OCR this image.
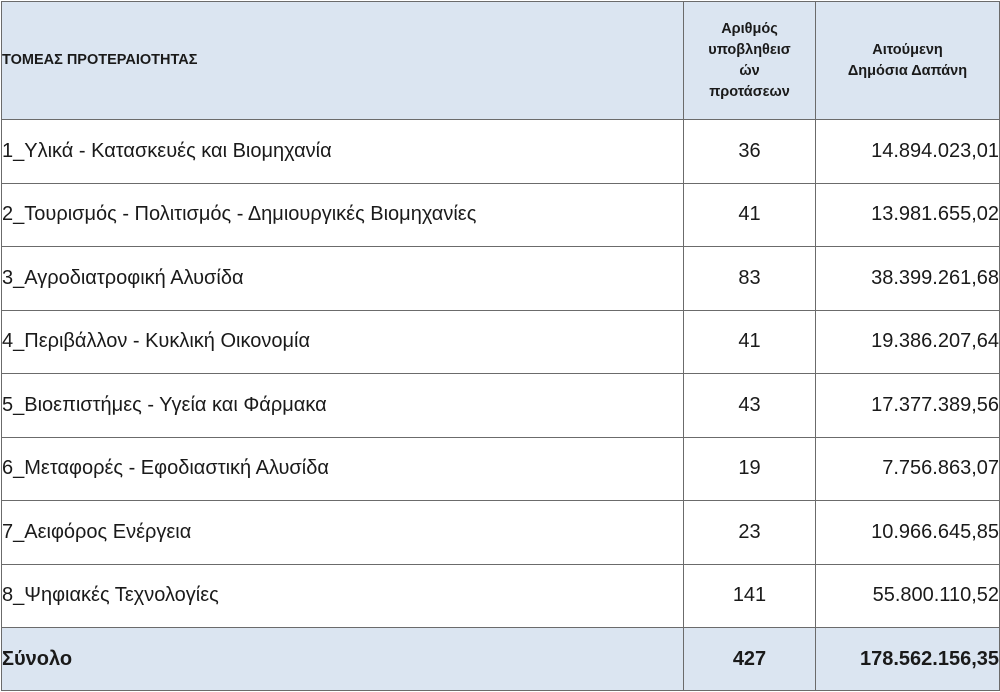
ΤΟΜΕΑΣ ΠΡΟΤΕΡΑΙΟΤΗΤΑΣ	Αριθμός
υποβληθεισ
ών
προτάσεων	Αιτούμενη
Δημόσια Δαπάνη

1_Υλικά - Κατασκευές και Βιομηχανία	36	14.894.023,01
2_Τουρισμός - Πολιτισμός - Δημιουργικές Βιομηχανίες	41	13.981.655,02
3_Αγροδιατροφική Αλυσίδα	83	38.399.261,68
4_Περιβάλλον - Κυκλική Οικονομία	41	19.386.207,64
5_Βιοεπιστήμες - Υγεία και Φάρμακα	43	17.377.389,56
6_Μεταφορές - Εφοδιαστική Αλυσίδα	19	7.756.863,07
7_Αειφόρος Ενέργεια	23	10.966.645,85
8_Ψηφιακές Τεχνολογίες	141	55.800.110,52
Σύνολο	427	178.562.156,35
